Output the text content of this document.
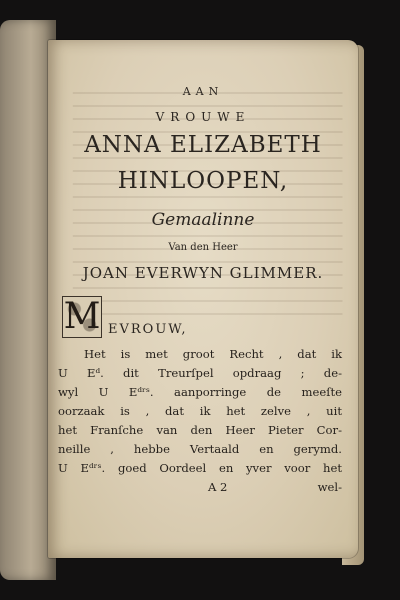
AAN
VROUWE
ANNA ELIZABETH
HINLOOPEN,
Gemaalinne
Van den Heer
JOAN EVERWYN GLIMMER.
M EVROUW,
Het is met groot Recht , dat ik
U Eᵈ. dit Treurſpel opdraag ; de-
wyl U Eᵈʳˢ. aanporringe de meeſte
oorzaak is , dat ik het zelve , uit
het Franſche van den Heer Pieter Cor-
neille , hebbe Vertaald en gerymd.
U Eᵈʳˢ. goed Oordeel en yver voor het
A 2	wel-
